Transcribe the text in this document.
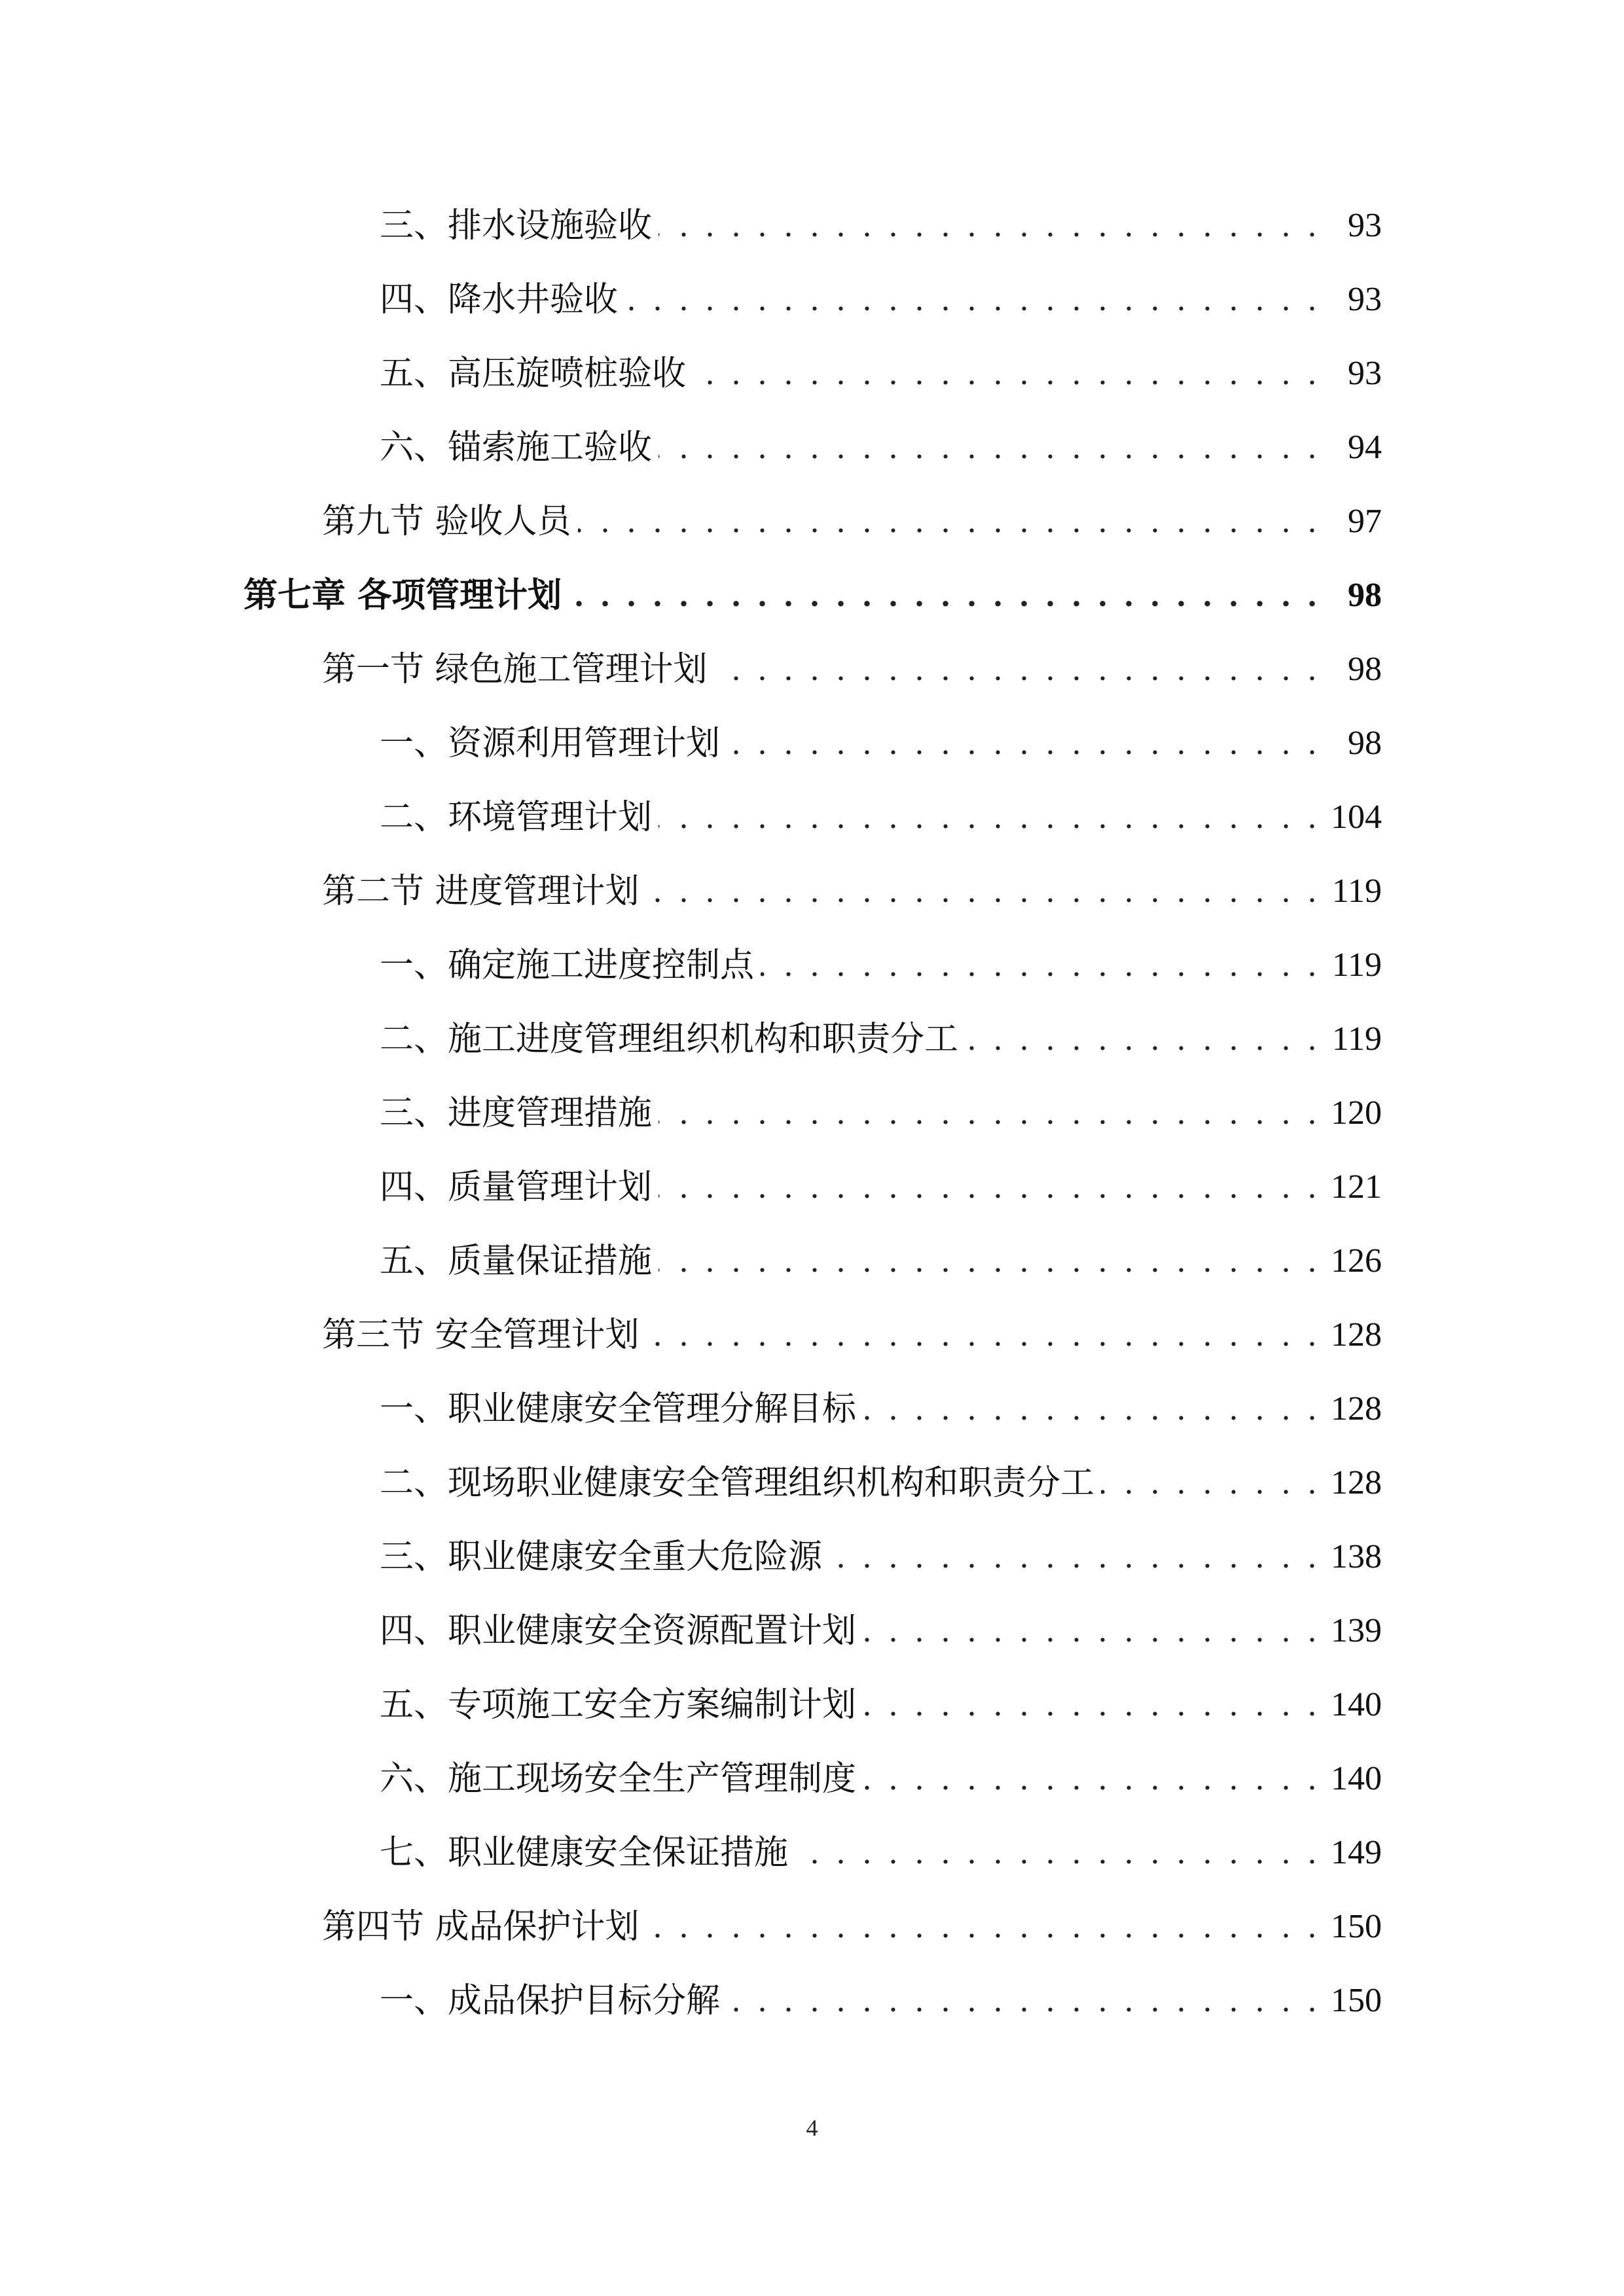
三、排水设施验收 . . .	93
四、降水井验收 . . .	93
五、高压旋喷桩验收 . . .	93
六、锚索施工验收 . . .	94
第九节 验收人员 . . .	97
第七章 各项管理计划 . . .	98
第一节 绿色施工管理计划 . . .	98
一、资源利用管理计划 . . .	98
二、环境管理计划 . . .	104
第二节 进度管理计划 . . .	119
一、确定施工进度控制点 . . .	119
二、施工进度管理组织机构和职责分工 . . .	119
三、进度管理措施 . . .	120
四、质量管理计划 . . .	121
五、质量保证措施 . . .	126
第三节 安全管理计划 . . .	128
一、职业健康安全管理分解目标 . . .	128
二、现场职业健康安全管理组织机构和职责分工 . . .	128
三、职业健康安全重大危险源 . . .	138
四、职业健康安全资源配置计划 . . .	139
五、专项施工安全方案编制计划 . . .	140
六、施工现场安全生产管理制度 . . .	140
七、职业健康安全保证措施 . . .	149
第四节 成品保护计划 . . .	150
一、成品保护目标分解 . . .	150
4
